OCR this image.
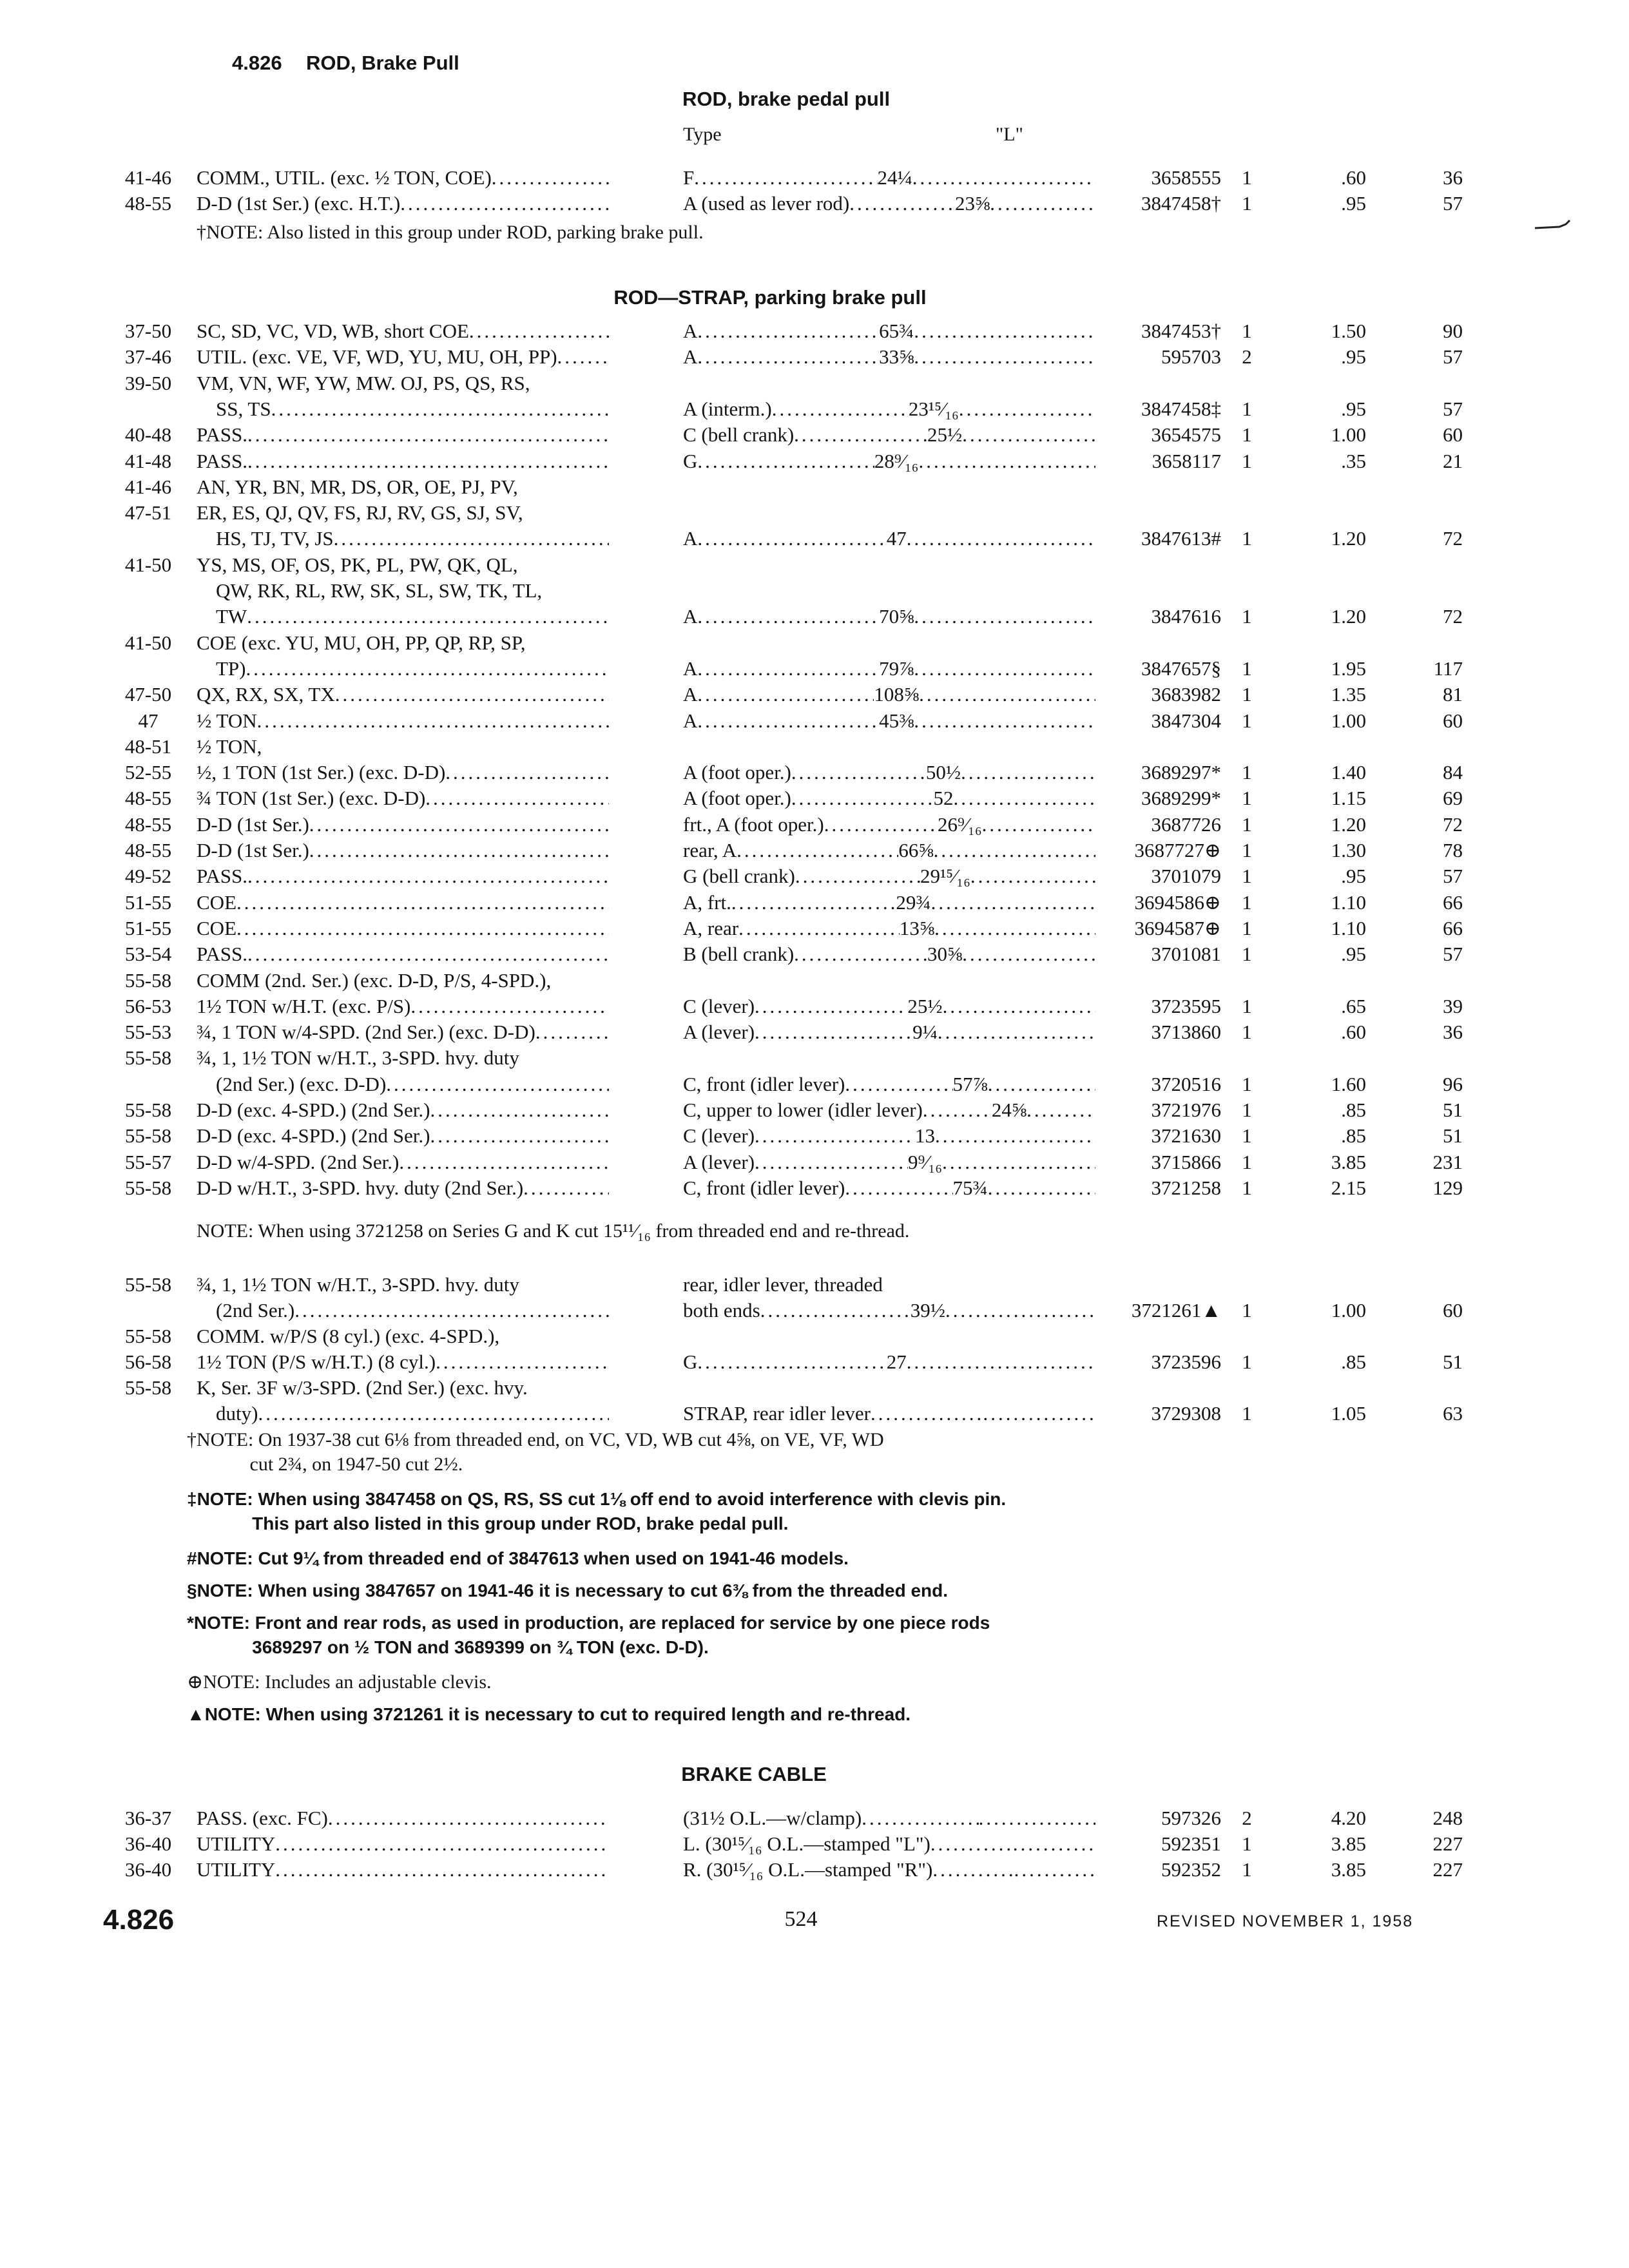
4.826 ROD, Brake Pull
ROD, brake pedal pull
Type	"L"
41-46	COMM., UTIL. (exc. ½ TON, COE) .....	F .....	24¼ .....	3658555	1	.60	36
48-55	D-D (1st Ser.) (exc. H.T.) .....	A (used as lever rod) .....	23⅝ .....	3847458†	1	.95	57
†NOTE: Also listed in this group under ROD, parking brake pull.
ROD—STRAP, parking brake pull
37-50	SC, SD, VC, VD, WB, short COE .....	A .....	65¾ .....	3847453†	1	1.50	90
37-46	UTIL. (exc. VE, VF, WD, YU, MU, OH, PP) .....	A .....	33⅝ .....	595703	2	.95	57
39-50	VM, VN, WF, YW, MW. OJ, PS, QS, RS,
SS, TS .....	A (interm.) .....	23¹⁵⁄₁₆ .....	3847458‡	1	.95	57
40-48	PASS. .....	C (bell crank) .....	25½ .....	3654575	1	1.00	60
41-48	PASS. .....	G .....	28⁹⁄₁₆ .....	3658117	1	.35	21
41-46	AN, YR, BN, MR, DS, OR, OE, PJ, PV,
47-51	ER, ES, QJ, QV, FS, RJ, RV, GS, SJ, SV,
HS, TJ, TV, JS .....	A .....	47 .....	3847613#	1	1.20	72
41-50	YS, MS, OF, OS, PK, PL, PW, QK, QL,
QW, RK, RL, RW, SK, SL, SW, TK, TL,
TW .....	A .....	70⅝ .....	3847616	1	1.20	72
41-50	COE (exc. YU, MU, OH, PP, QP, RP, SP,
TP) .....	A .....	79⅞ .....	3847657§	1	1.95	117
47-50	QX, RX, SX, TX .....	A .....	108⅝ .....	3683982	1	1.35	81
47	½ TON .....	A .....	45⅜ .....	3847304	1	1.00	60
48-51	½ TON,
52-55	½, 1 TON (1st Ser.) (exc. D-D) .....	A (foot oper.) .....	50½ .....	3689297*	1	1.40	84
48-55	¾ TON (1st Ser.) (exc. D-D) .....	A (foot oper.) .....	52 .....	3689299*	1	1.15	69
48-55	D-D (1st Ser.) .....	frt., A (foot oper.) .....	26⁹⁄₁₆ .....	3687726	1	1.20	72
48-55	D-D (1st Ser.) .....	rear, A .....	66⅝ .....	3687727⊕	1	1.30	78
49-52	PASS. .....	G (bell crank) .....	29¹⁵⁄₁₆ .....	3701079	1	.95	57
51-55	COE .....	A, frt. .....	29¾ .....	3694586⊕	1	1.10	66
51-55	COE .....	A, rear .....	13⅝ .....	3694587⊕	1	1.10	66
53-54	PASS. .....	B (bell crank) .....	30⅝ .....	3701081	1	.95	57
55-58	COMM (2nd. Ser.) (exc. D-D, P/S, 4-SPD.),
56-53	1½ TON w/H.T. (exc. P/S) .....	C (lever) .....	25½ .....	3723595	1	.65	39
55-53	¾, 1 TON w/4-SPD. (2nd Ser.) (exc. D-D) .....	A (lever) .....	9¼ .....	3713860	1	.60	36
55-58	¾, 1, 1½ TON w/H.T., 3-SPD. hvy. duty
(2nd Ser.) (exc. D-D) .....	C, front (idler lever) .....	57⅞ .....	3720516	1	1.60	96
55-58	D-D (exc. 4-SPD.) (2nd Ser.) .....	C, upper to lower (idler lever) .....	24⅝ .....	3721976	1	.85	51
55-58	D-D (exc. 4-SPD.) (2nd Ser.) .....	C (lever) .....	13 .....	3721630	1	.85	51
55-57	D-D w/4-SPD. (2nd Ser.) .....	A (lever) .....	9⁹⁄₁₆ .....	3715866	1	3.85	231
55-58	D-D w/H.T., 3-SPD. hvy. duty (2nd Ser.) .....	C, front (idler lever) .....	75¾ .....	3721258	1	2.15	129
NOTE: When using 3721258 on Series G and K cut 15¹¹⁄₁₆ from threaded end and re-thread.
55-58	¾, 1, 1½ TON w/H.T., 3-SPD. hvy. duty	rear, idler lever, threaded
(2nd Ser.) .....	both ends .....	39½ .....	3721261▲	1	1.00	60
55-58	COMM. w/P/S (8 cyl.) (exc. 4-SPD.),
56-58	1½ TON (P/S w/H.T.) (8 cyl.) .....	G .....	27 .....	3723596	1	.85	51
55-58	K, Ser. 3F w/3-SPD. (2nd Ser.) (exc. hvy.
duty) .....	STRAP, rear idler lever ..... .....	3729308	1	1.05	63
†NOTE: On 1937-38 cut 6⅛ from threaded end, on VC, VD, WB cut 4⅝, on VE, VF, WD
cut 2¾, on 1947-50 cut 2½.
‡NOTE: When using 3847458 on QS, RS, SS cut 1⅛ off end to avoid interference with clevis pin.
This part also listed in this group under ROD, brake pedal pull.
#NOTE: Cut 9¼ from threaded end of 3847613 when used on 1941-46 models.
§NOTE: When using 3847657 on 1941-46 it is necessary to cut 6⅜ from the threaded end.
*NOTE: Front and rear rods, as used in production, are replaced for service by one piece rods
3689297 on ½ TON and 3689399 on ¾ TON (exc. D-D).
⊕NOTE: Includes an adjustable clevis.
▲NOTE: When using 3721261 it is necessary to cut to required length and re-thread.
BRAKE CABLE
36-37	PASS. (exc. FC) .....	(31½ O.L.—w/clamp) ..... .....	597326	2	4.20	248
36-40	UTILITY .....	L. (30¹⁵⁄₁₆ O.L.—stamped "L") ..... .....	592351	1	3.85	227
36-40	UTILITY .....	R. (30¹⁵⁄₁₆ O.L.—stamped "R") ..... .....	592352	1	3.85	227
4.826	524	REVISED NOVEMBER 1, 1958
